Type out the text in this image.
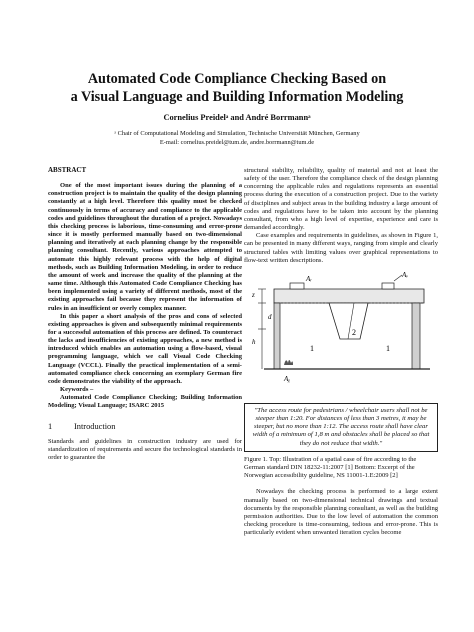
Automated Code Compliance Checking Based on
a Visual Language and Building Information Modeling
Cornelius Preidelᵃ and André Borrmannᵃ
ᵃ Chair of Computational Modeling and Simulation, Technische Universität München, Germany
E-mail: cornelius.preidel@tum.de, andre.borrmann@tum.de
ABSTRACT

One of the most important issues during the planning of a construction project is to maintain the quality of the design planning constantly at a high level. Therefore this quality must be checked continuously in terms of accuracy and compliance to the applicable codes and guidelines throughout the duration of a project. Nowadays this checking process is laborious, time-consuming and error-prone since it is mostly performed manually based on two-dimensional planning and iteratively at each planning change by the responsible planning consultant. Recently, various approaches attempted to automate this highly relevant process with the help of digital methods, such as Building Information Modeling, in order to reduce the amount of work and increase the quality of the planning at the same time. Although this Automated Code Compliance Checking has been implemented using a variety of different methods, most of the existing approaches fail because they represent the information of rules in an insufficient or overly complex manner.

In this paper a short analysis of the pros and cons of selected existing approaches is given and subsequently minimal requirements for a successful automation of this process are defined. To counteract the lacks and insufficiencies of existing approaches, a new method is introduced which enables an automation using a flow-based, visual programming language, which we call Visual Code Checking Language (VCCL). Finally the practical implementation of a semi-automated compliance check concerning an exemplary German fire code demonstrates the viability of the approach.

Keywords –

Automated Code Compliance Checking; Building Information Modeling; Visual Language; ISARC 2015

1	Introduction

Standards and guidelines in construction industry are used for standardization of requirements and secure the technological standards in order to guarantee the

structural stability, reliability, quality of material and not at least the safety of the user. Therefore the compliance check of the design planning concerning the applicable rules and regulations represents an essential process during the execution of a construction project. Due to the variety of disciplines and subject areas in the building industry a large amount of codes and regulations have to be taken into account by the planning consultant, from who a high level of expertise, experience and care is demanded accordingly.

Case examples and requirements in guidelines, as shown in Figure 1, can be presented in many different ways, ranging from simple and clearly structured tables with limiting values over graphical representations to flow-text written descriptions.

z
h
d
Aᵣ	Aᵥ
Aᵪ
1
2
1
"The access route for pedestrians / wheelchair users shall not be steeper than 1:20. For distances of less than 3 metres, it may be steeper, but no more than 1:12. The access route shall have clear width of a minimum of 1,8 m and obstacles shall be placed so that they do not reduce that width."

Figure 1. Top: Illustration of a spatial case of fire according to the German standard DIN 18232-11:2007 [1] Bottom: Excerpt of the Norwegian accessibility guideline, NS 11001-1.E:2009 [2]

Nowadays the checking process is performed to a large extent manually based on two-dimensional technical drawings and textual documents by the responsible planning consultant, as well as the building permission authorities. Due to the low level of automation the common checking procedure is time-consuming, tedious and error-prone. This is particularly evident when unwanted iteration cycles become
